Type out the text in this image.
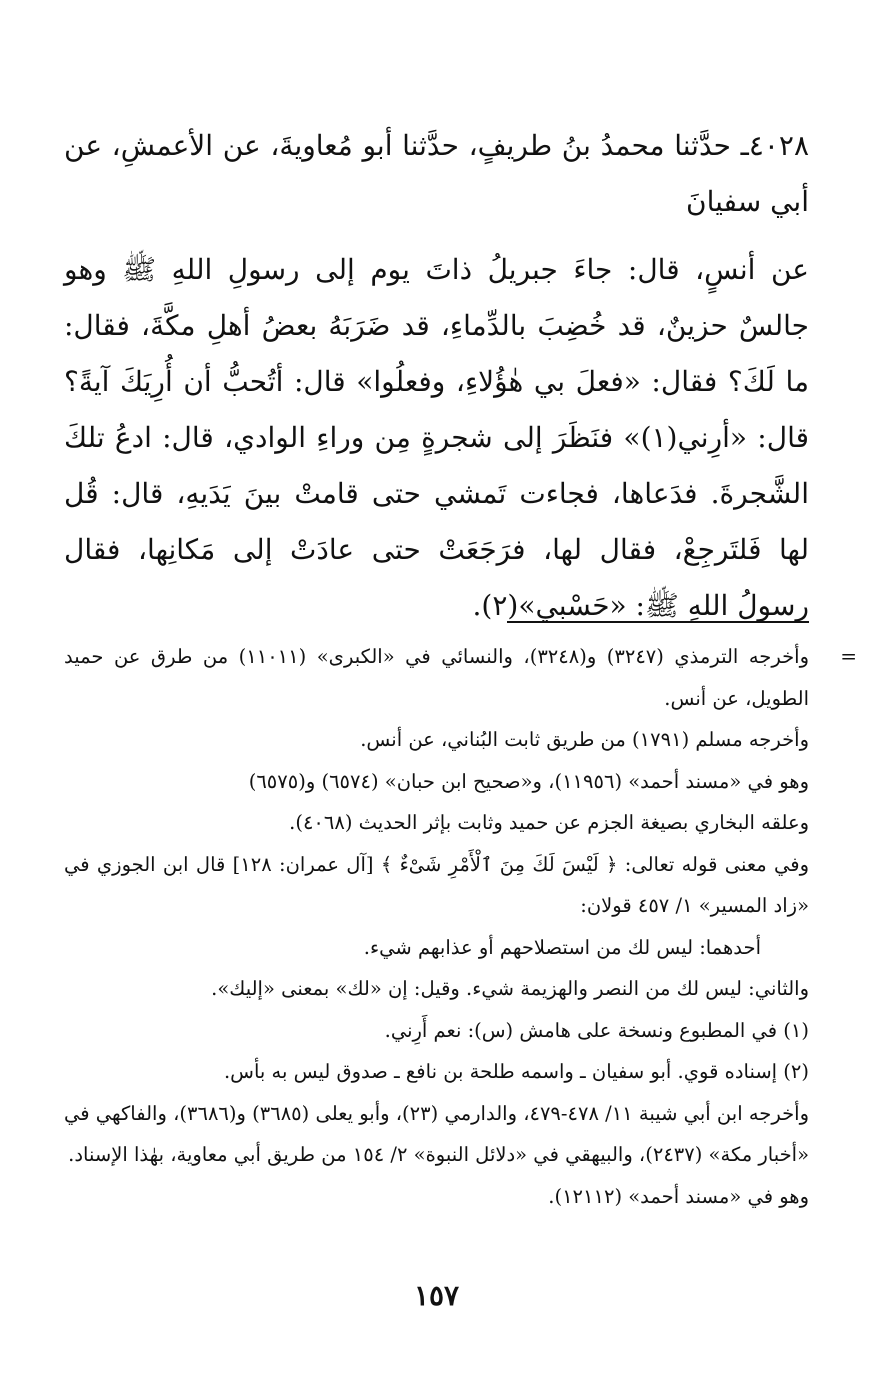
٤٠٢٨ـ حدَّثنا محمدُ بنُ طريفٍ، حدَّثنا أبو مُعاويةَ، عن الأعمشِ، عن أبي سفيانَ

عن أنسٍ، قال: جاءَ جبريلُ ذاتَ يوم إلى رسولِ اللهِ ﷺ وهو جالسٌ حزينٌ، قد خُضِبَ بالدِّماءِ، قد ضَرَبَهُ بعضُ أهلِ مكَّةَ، فقال: ما لَكَ؟ فقال: «فعلَ بي هٰؤُلاءِ، وفعلُوا» قال: أتُحبُّ أن أُرِيَكَ آيةً؟ قال: «أرِني(١)» فنَظَرَ إلى شجرةٍ مِن وراءِ الوادي، قال: ادعُ تلكَ الشَّجرةَ. فدَعاها، فجاءت تَمشي حتى قامتْ بينَ يَدَيهِ، قال: قُل لها فَلتَرجِعْ، فقال لها، فرَجَعَتْ حتى عادَتْ إلى مَكانِها، فقال رسولُ اللهِ ﷺ: «حَسْبي»(٢).

=
وأخرجه الترمذي (٣٢٤٧) و(٣٢٤٨)، والنسائي في «الكبرى» (١١٠١١) من طرق عن حميد الطويل، عن أنس.

وأخرجه مسلم (١٧٩١) من طريق ثابت البُناني، عن أنس.

وهو في «مسند أحمد» (١١٩٥٦)، و«صحيح ابن حبان» (٦٥٧٤) و(٦٥٧٥)

وعلقه البخاري بصيغة الجزم عن حميد وثابت بإثر الحديث (٤٠٦٨).

وفي معنى قوله تعالى: ﴿ لَيْسَ لَكَ مِنَ ٱلْأَمْرِ شَىْءٌ ﴾ [آل عمران: ١٢٨] قال ابن الجوزي في «زاد المسير» ١/ ٤٥٧ قولان:

أحدهما: ليس لك من استصلاحهم أو عذابهم شيء.

والثاني: ليس لك من النصر والهزيمة شيء. وقيل: إن «لك» بمعنى «إليك».

(١) في المطبوع ونسخة على هامش (س): نعم أَرِني.

(٢) إسناده قوي. أبو سفيان ـ واسمه طلحة بن نافع ـ صدوق ليس به بأس.

وأخرجه ابن أبي شيبة ١١/ ٤٧٨-٤٧٩، والدارمي (٢٣)، وأبو يعلى (٣٦٨٥) و(٣٦٨٦)، والفاكهي في «أخبار مكة» (٢٤٣٧)، والبيهقي في «دلائل النبوة» ٢/ ١٥٤ من طريق أبي معاوية، بهٰذا الإسناد.

وهو في «مسند أحمد» (١٢١١٢).

١٥٧
